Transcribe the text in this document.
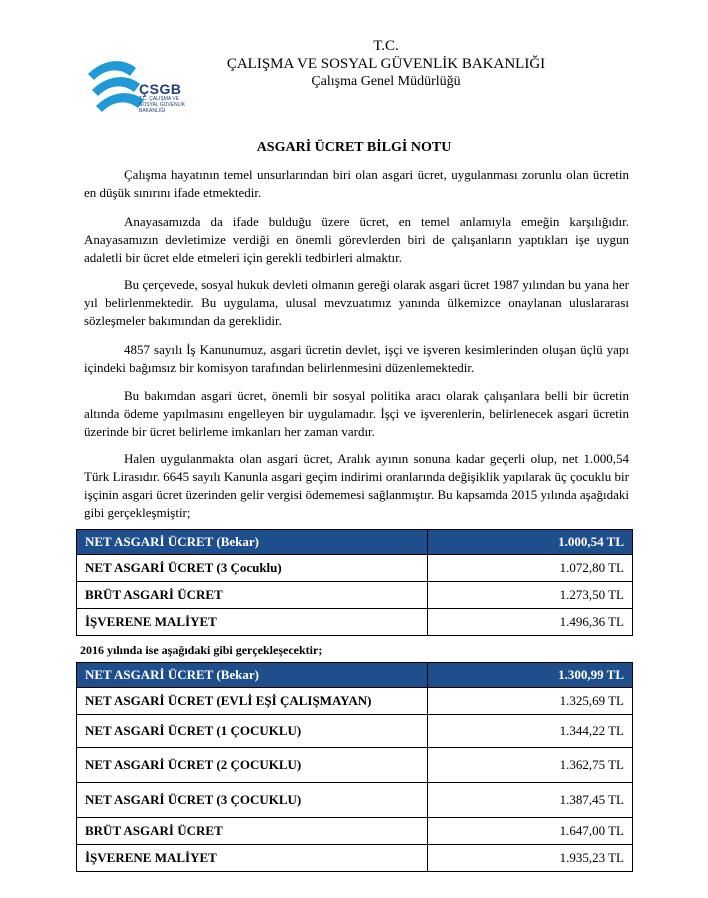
ÇSGB
T.C. ÇALIŞMA VE SOSYAL GÜVENLİK BAKANLIĞI
T.C.
ÇALIŞMA VE SOSYAL GÜVENLİK BAKANLIĞI
Çalışma Genel Müdürlüğü
ASGARİ ÜCRET BİLGİ NOTU
Çalışma hayatının temel unsurlarından biri olan asgari ücret, uygulanması zorunlu olan ücretin en düşük sınırını ifade etmektedir.
Anayasamızda da ifade bulduğu üzere ücret, en temel anlamıyla emeğin karşılığıdır. Anayasamızın devletimize verdiği en önemli görevlerden biri de çalışanların yaptıkları işe uygun adaletli bir ücret elde etmeleri için gerekli tedbirleri almaktır.
Bu çerçevede, sosyal hukuk devleti olmanın gereği olarak asgari ücret 1987 yılından bu yana her yıl belirlenmektedir. Bu uygulama, ulusal mevzuatımız yanında ülkemizce onaylanan uluslararası sözleşmeler bakımından da gereklidir.
4857 sayılı İş Kanunumuz, asgari ücretin devlet, işçi ve işveren kesimlerinden oluşan üçlü yapı içindeki bağımsız bir komisyon tarafından belirlenmesini düzenlemektedir.
Bu bakımdan asgari ücret, önemli bir sosyal politika aracı olarak çalışanlara belli bir ücretin altında ödeme yapılmasını engelleyen bir uygulamadır. İşçi ve işverenlerin, belirlenecek asgari ücretin üzerinde bir ücret belirleme imkanları her zaman vardır.
Halen uygulanmakta olan asgari ücret, Aralık ayının sonuna kadar geçerli olup, net 1.000,54 Türk Lirasıdır. 6645 sayılı Kanunla asgari geçim indirimi oranlarında değişiklik yapılarak üç çocuklu bir işçinin asgari ücret üzerinden gelir vergisi ödememesi sağlanmıştır. Bu kapsamda 2015 yılında aşağıdaki gibi gerçekleşmiştir;
NET ASGARİ ÜCRET (Bekar)	1.000,54 TL
NET ASGARİ ÜCRET (3 Çocuklu)	1.072,80 TL
BRÜT ASGARİ ÜCRET	1.273,50 TL
İŞVERENE MALİYET	1.496,36 TL
2016 yılında ise aşağıdaki gibi gerçekleşecektir;
NET ASGARİ ÜCRET (Bekar)	1.300,99 TL
NET ASGARİ ÜCRET (EVLİ EŞİ ÇALIŞMAYAN)	1.325,69 TL
NET ASGARİ ÜCRET (1 ÇOCUKLU)	1.344,22 TL
NET ASGARİ ÜCRET (2 ÇOCUKLU)	1.362,75 TL
NET ASGARİ ÜCRET (3 ÇOCUKLU)	1.387,45 TL
BRÜT ASGARİ ÜCRET	1.647,00 TL
İŞVERENE MALİYET	1.935,23 TL
